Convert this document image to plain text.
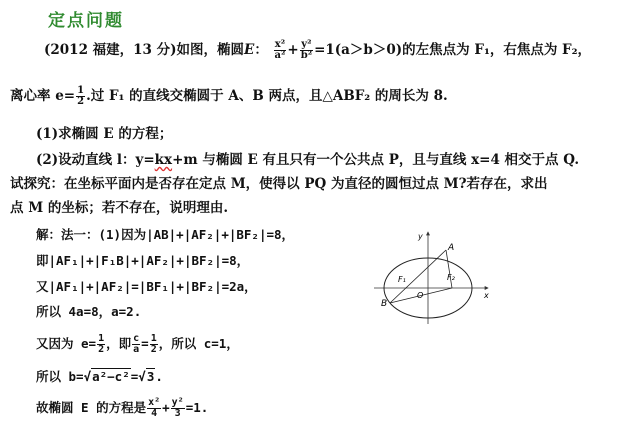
定点问题
(2012 福建，13 分)如图，椭圆E： $\frac{\text{x²}}{\text{a²}} + \frac{\text{y²}}{\text{b²}} =1(a>b>0)$的左焦点为 F₁，右焦点为 F₂，
离心率 $e= \frac{1}{2}$ .过 F₁ 的直线交椭圆于 A、B 两点，且△ABF₂ 的周长为 8.
(1)求椭圆 E 的方程；
(2)设动直线 l：y=kx+m 与椭圆 E 有且只有一个公共点 P，且与直线 x=4 相交于点 Q.
试探究：在坐标平面内是否存在定点 M，使得以 PQ 为直径的圆恒过点 M?若存在，求出
点 M 的坐标；若不存在，说明理由.
解：法一：(1)因为|AB|+|AF₂|+|BF₂|=8，
即|AF₁|+|F₁B|+|AF₂|+|BF₂|=8，
又|AF₁|+|AF₂|=|BF₁|+|BF₂|=2a，
所以 4a=8，a=2.
又因为 $e= \frac{1}{2}$ ，即 $\frac{c}{a} = \frac{1}{2}$ ，所以 c=1，
所以 b=√a²−c²=√3.
故椭圆 E 的方程是 $\frac{\text{x²}}{4} + \frac{\text{y²}}{3} =1$.
y
x
A
B
O
F₁	F₂
